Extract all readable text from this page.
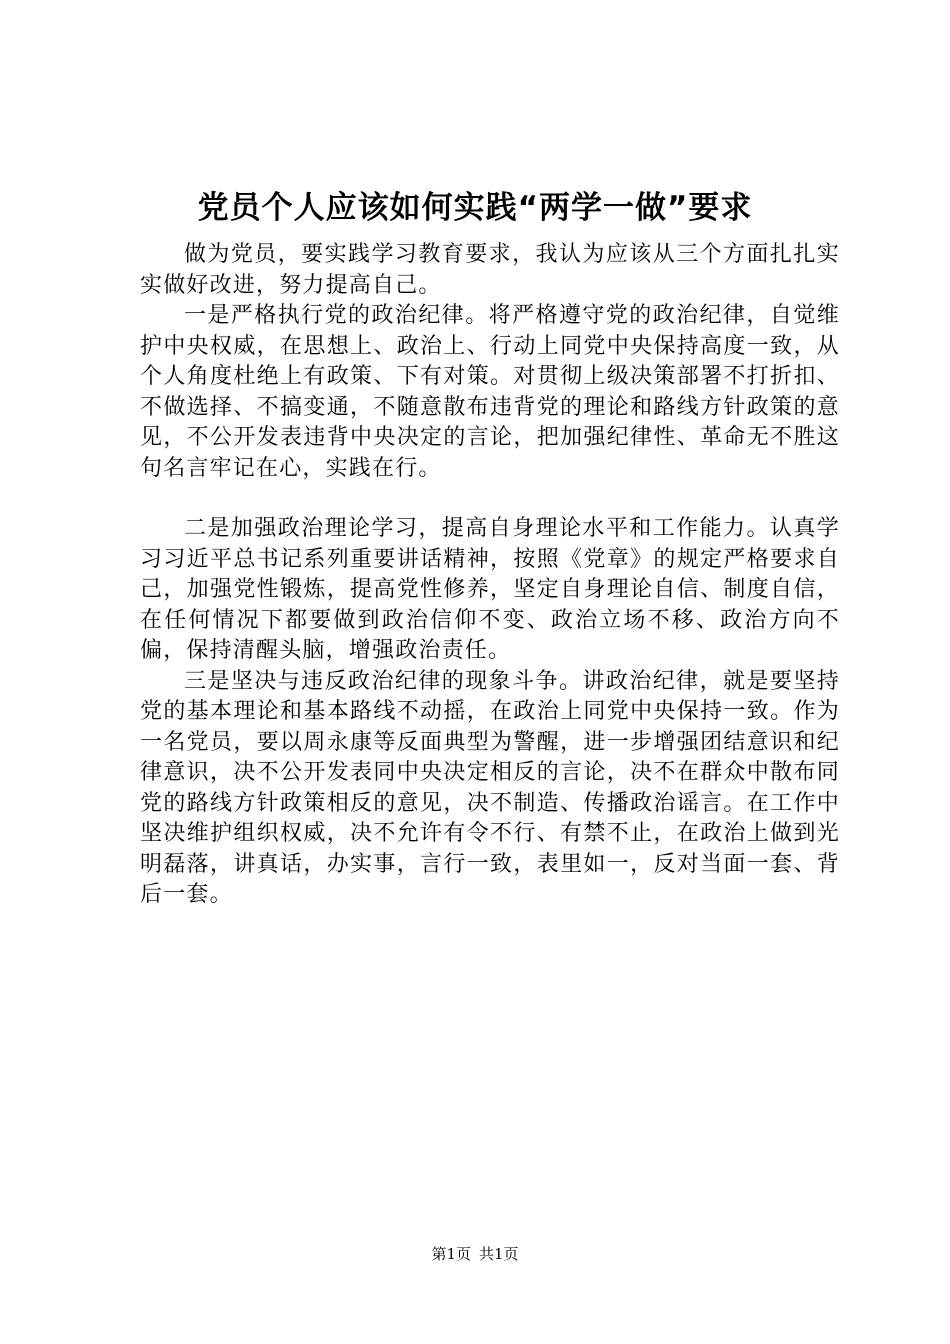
党员个人应该如何实践“两学一做”要求

做为党员，要实践学习教育要求，我认为应该从三个方面扎扎实实做好改进，努力提高自己。

一是严格执行党的政治纪律。将严格遵守党的政治纪律，自觉维护中央权威，在思想上、政治上、行动上同党中央保持高度一致，从个人角度杜绝上有政策、下有对策。对贯彻上级决策部署不打折扣、不做选择、不搞变通，不随意散布违背党的理论和路线方针政策的意见，不公开发表违背中央决定的言论，把加强纪律性、革命无不胜这句名言牢记在心，实践在行。

二是加强政治理论学习，提高自身理论水平和工作能力。认真学习习近平总书记系列重要讲话精神，按照《党章》的规定严格要求自己，加强党性锻炼，提高党性修养，坚定自身理论自信、制度自信，在任何情况下都要做到政治信仰不变、政治立场不移、政治方向不偏，保持清醒头脑，增强政治责任。

三是坚决与违反政治纪律的现象斗争。讲政治纪律，就是要坚持党的基本理论和基本路线不动摇，在政治上同党中央保持一致。作为一名党员，要以周永康等反面典型为警醒，进一步增强团结意识和纪律意识，决不公开发表同中央决定相反的言论，决不在群众中散布同党的路线方针政策相反的意见，决不制造、传播政治谣言。在工作中坚决维护组织权威，决不允许有令不行、有禁不止，在政治上做到光明磊落，讲真话，办实事，言行一致，表里如一，反对当面一套、背后一套。

第1页 共1页
